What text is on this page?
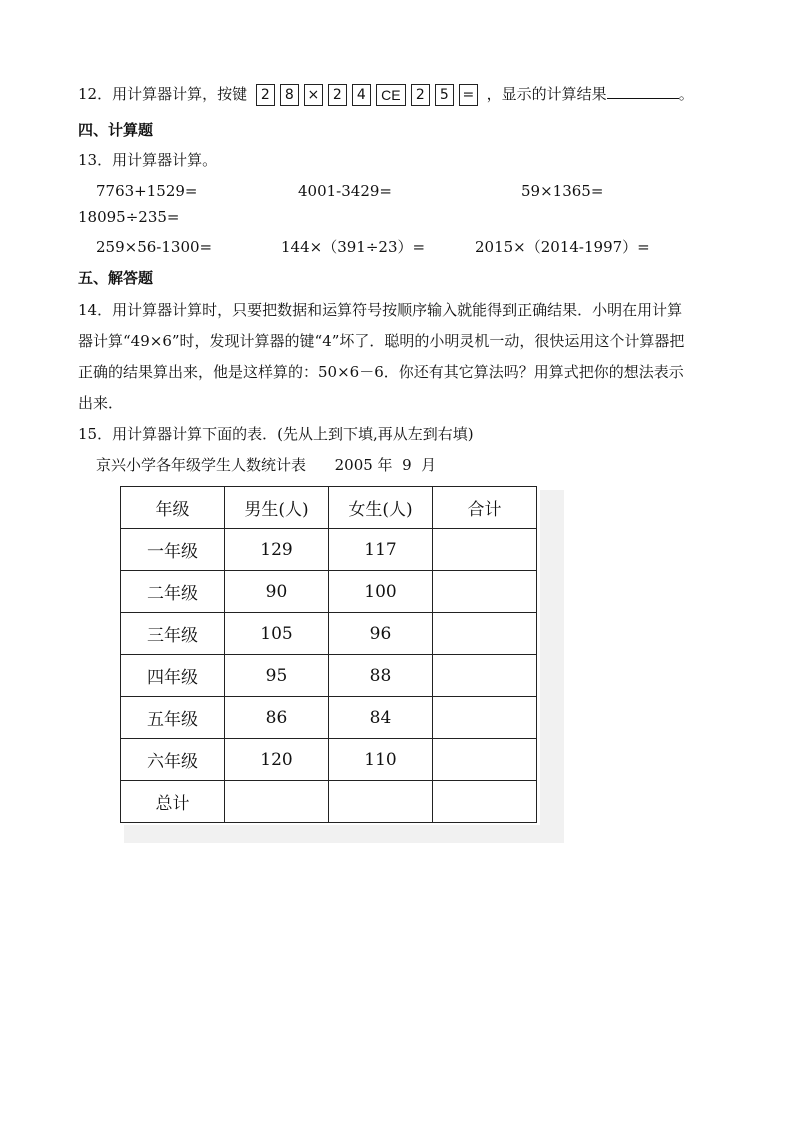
12．用计算器计算，按键 2	8 × 2	4	CE	2	5 = ，显示的计算结果	。
四、计算题
13．用计算器计算。
7763+1529=	4001-3429=	59×1365=
18095÷235=
259×56-1300=	144×（391÷23）=	2015×（2014-1997）=
五、解答题
14．用计算器计算时，只要把数据和运算符号按顺序输入就能得到正确结果．小明在用计算
器计算“49×6”时，发现计算器的键“4”坏了．聪明的小明灵机一动，很快运用这个计算器把
正确的结果算出来，他是这样算的：50×6－6．你还有其它算法吗？用算式把你的想法表示
出来．
15．用计算器计算下面的表．(先从上到下填,再从左到右填)
京兴小学各年级学生人数统计表      2005 年  9  月
年级	男生(人)	女生(人)	合计
一年级	129	117	
二年级	90	100	
三年级	105	96	
四年级	95	88	
五年级	86	84	
六年级	120	110	
总计			
